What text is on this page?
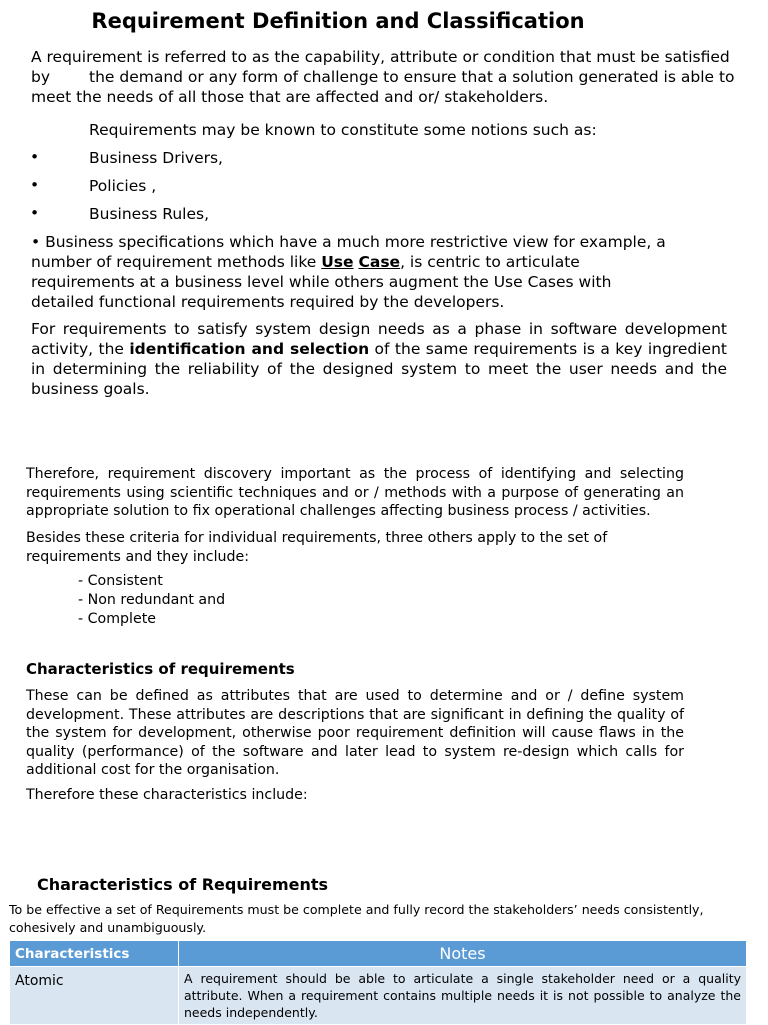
Requirement Definition and Classification

A requirement is referred to as the capability, attribute or condition that must be satisfied by	the demand or any form of challenge to ensure that a solution generated is able to

meet the needs of all those that are affected and or/ stakeholders.

Requirements may be known to constitute some notions such as:

•	Business Drivers,

•	Policies ,

•	Business Rules,

• Business specifications which have a much more restrictive view for example, a

number of requirement methods like Use Case, is centric to articulate

requirements at a business level while others augment the Use Cases with

detailed functional requirements required by the developers.

For requirements to satisfy system design needs as a phase in software development activity, the identification and selection of the same requirements is a key ingredient in determining the reliability of the designed system to meet the user needs and the business goals.

Therefore, requirement discovery important as the process of identifying and selecting requirements using scientific techniques and or / methods with a purpose of generating an appropriate solution to fix operational challenges affecting business process / activities.

Besides these criteria for individual requirements, three others apply to the set of requirements and they include:

- Consistent

- Non redundant and

- Complete

Characteristics of requirements

These can be defined as attributes that are used to determine and or / define system development. These attributes are descriptions that are significant in defining the quality of the system for development, otherwise poor requirement definition will cause flaws in the quality (performance) of the software and later lead to system re-design which calls for additional cost for the organisation.

Therefore these characteristics include:

Characteristics of Requirements

To be effective a set of Requirements must be complete and fully record the stakeholders’ needs consistently, cohesively and unambiguously.

Characteristics	Notes
Atomic	A requirement should be able to articulate a single stakeholder need or a quality attribute. When a requirement contains multiple needs it is not possible to analyze the needs independently.
